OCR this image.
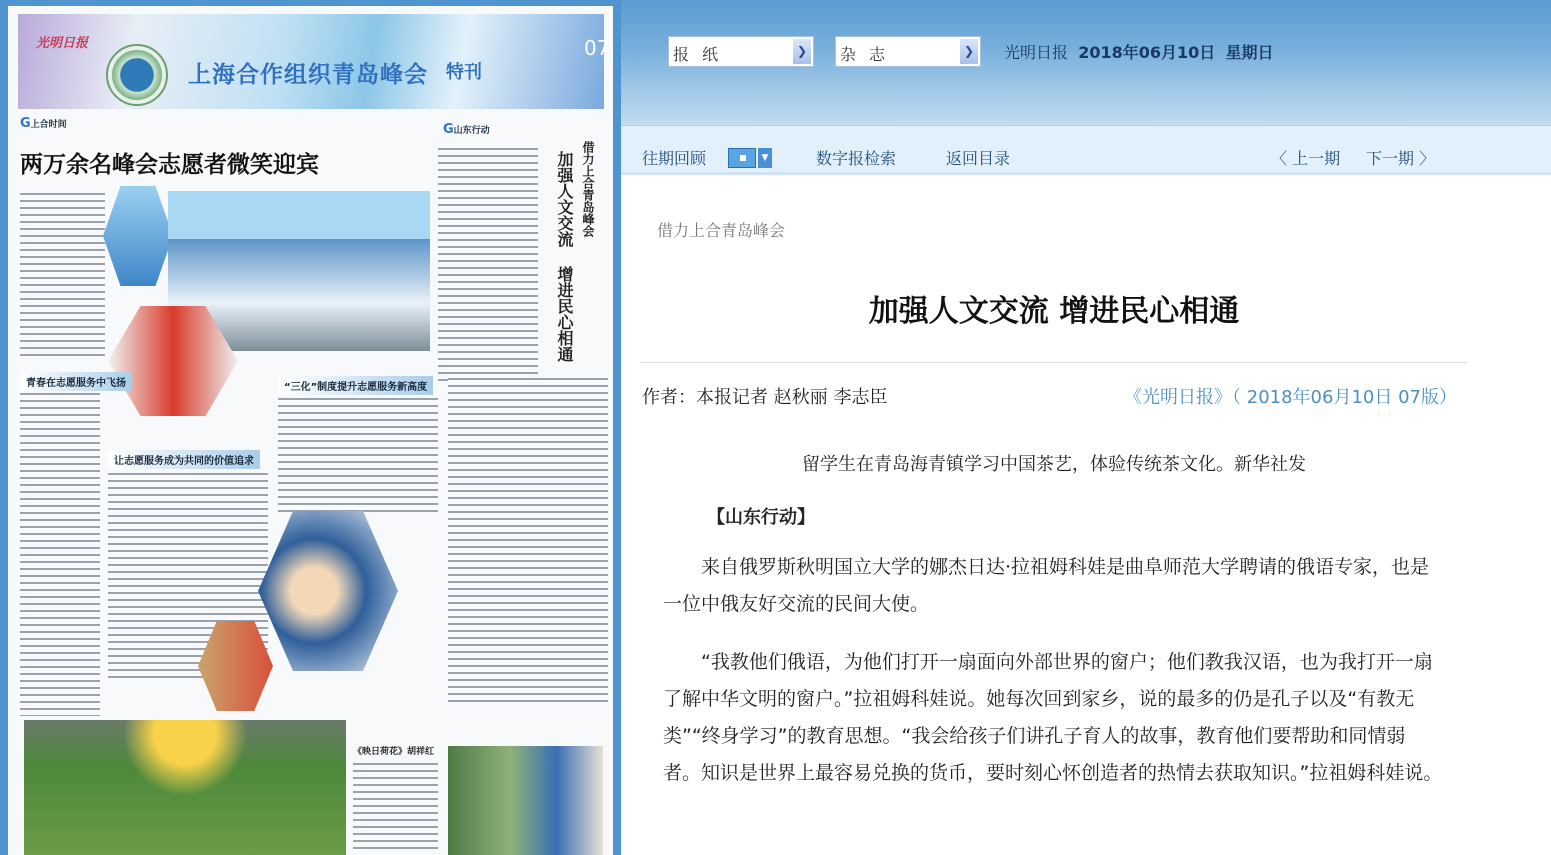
光明日报
上海合作组织青岛峰会 特刊
07
G上合时间	G山东行动
两万余名峰会志愿者微笑迎宾	借力上合青岛峰会
加强人文交流
增进民心相通
青春在志愿服务中飞扬
让志愿服务成为共同的价值追求
“三化”制度提升志愿服务新高度
《映日荷花》胡祥红
报 纸	❯	杂 志	❯ 光明日报 2018年06月10日 星期日
往期回顾	▼	数字报检索	返回目录	〈 上一期 下一期 〉
借力上合青岛峰会
加强人文交流 增进民心相通
作者：本报记者 赵秋丽 李志臣	《光明日报》（ 2018年06月10日 07版）
留学生在青岛海青镇学习中国茶艺，体验传统茶文化。新华社发
【山东行动】

来自俄罗斯秋明国立大学的娜杰日达·拉祖姆科娃是曲阜师范大学聘请的俄语专家，也是一位中俄友好交流的民间大使。

“我教他们俄语，为他们打开一扇面向外部世界的窗户；他们教我汉语，也为我打开一扇了解中华文明的窗户。”拉祖姆科娃说。她每次回到家乡，说的最多的仍是孔子以及“有教无类”“终身学习”的教育思想。“我会给孩子们讲孔子育人的故事，教育他们要帮助和同情弱者。知识是世界上最容易兑换的货币，要时刻心怀创造者的热情去获取知识。”拉祖姆科娃说。
